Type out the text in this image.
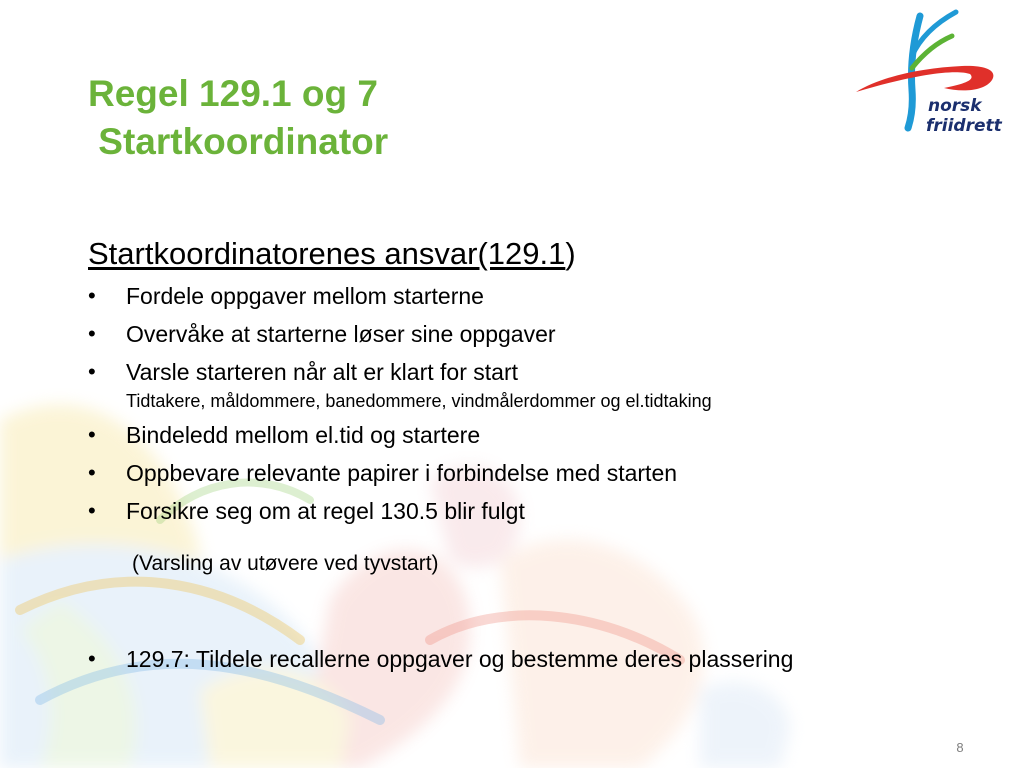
Regel 129.1 og 7
Startkoordinator
norsk
friidrett
Startkoordinatorenes ansvar(129.1)
• Fordele oppgaver mellom starterne
• Overvåke at starterne løser sine oppgaver
• Varsle starteren når alt er klart for start
Tidtakere, måldommere, banedommere, vindmålerdommer og el.tidtaking
• Bindeledd mellom el.tid og startere
• Oppbevare relevante papirer i forbindelse med starten
• Forsikre seg om at regel 130.5 blir fulgt
(Varsling av utøvere ved tyvstart)
• 129.7: Tildele recallerne oppgaver og bestemme deres plassering
8
